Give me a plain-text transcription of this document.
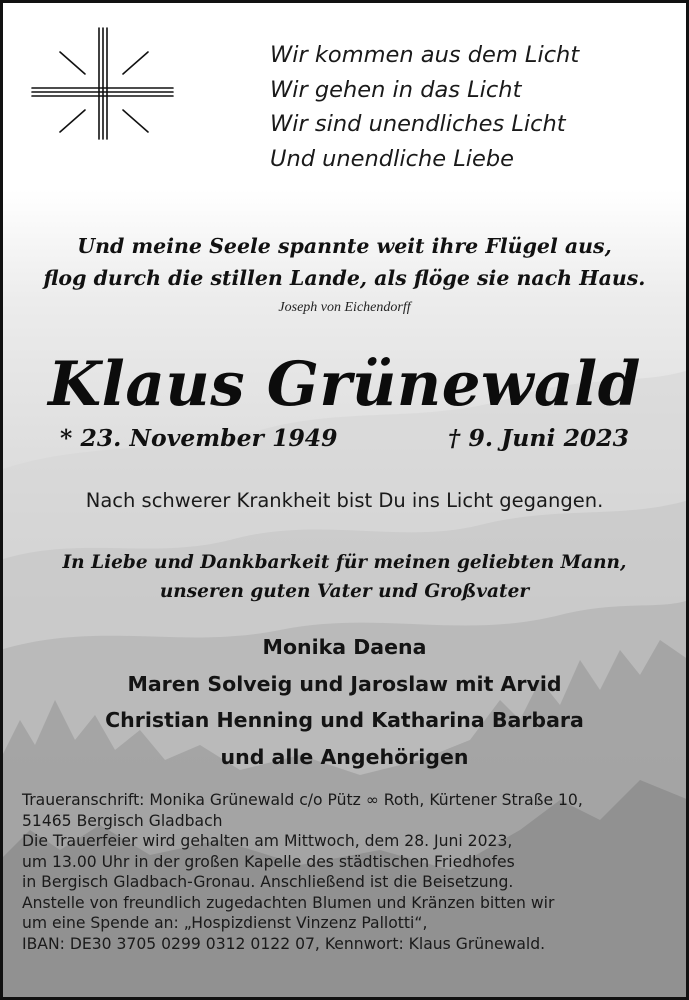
Wir kommen aus dem Licht
Wir gehen in das Licht
Wir sind unendliches Licht
Und unendliche Liebe
Und meine Seele spannte weit ihre Flügel aus,
flog durch die stillen Lande, als flöge sie nach Haus.
Joseph von Eichendorff
Klaus Grünewald
* 23. November 1949	† 9. Juni 2023
Nach schwerer Krankheit bist Du ins Licht gegangen.
In Liebe und Dankbarkeit für meinen geliebten Mann,
unseren guten Vater und Großvater
Monika Daena
Maren Solveig und Jaroslaw mit Arvid
Christian Henning und Katharina Barbara
und alle Angehörigen
Traueranschrift: Monika Grünewald c/o Pütz ∞ Roth, Kürtener Straße 10,
51465 Bergisch Gladbach
Die Trauerfeier wird gehalten am Mittwoch, dem 28. Juni 2023,
um 13.00 Uhr in der großen Kapelle des städtischen Friedhofes
in Bergisch Gladbach-Gronau. Anschließend ist die Beisetzung.
Anstelle von freundlich zugedachten Blumen und Kränzen bitten wir
um eine Spende an: „Hospizdienst Vinzenz Pallotti“,
IBAN: DE30 3705 0299 0312 0122 07, Kennwort: Klaus Grünewald.
